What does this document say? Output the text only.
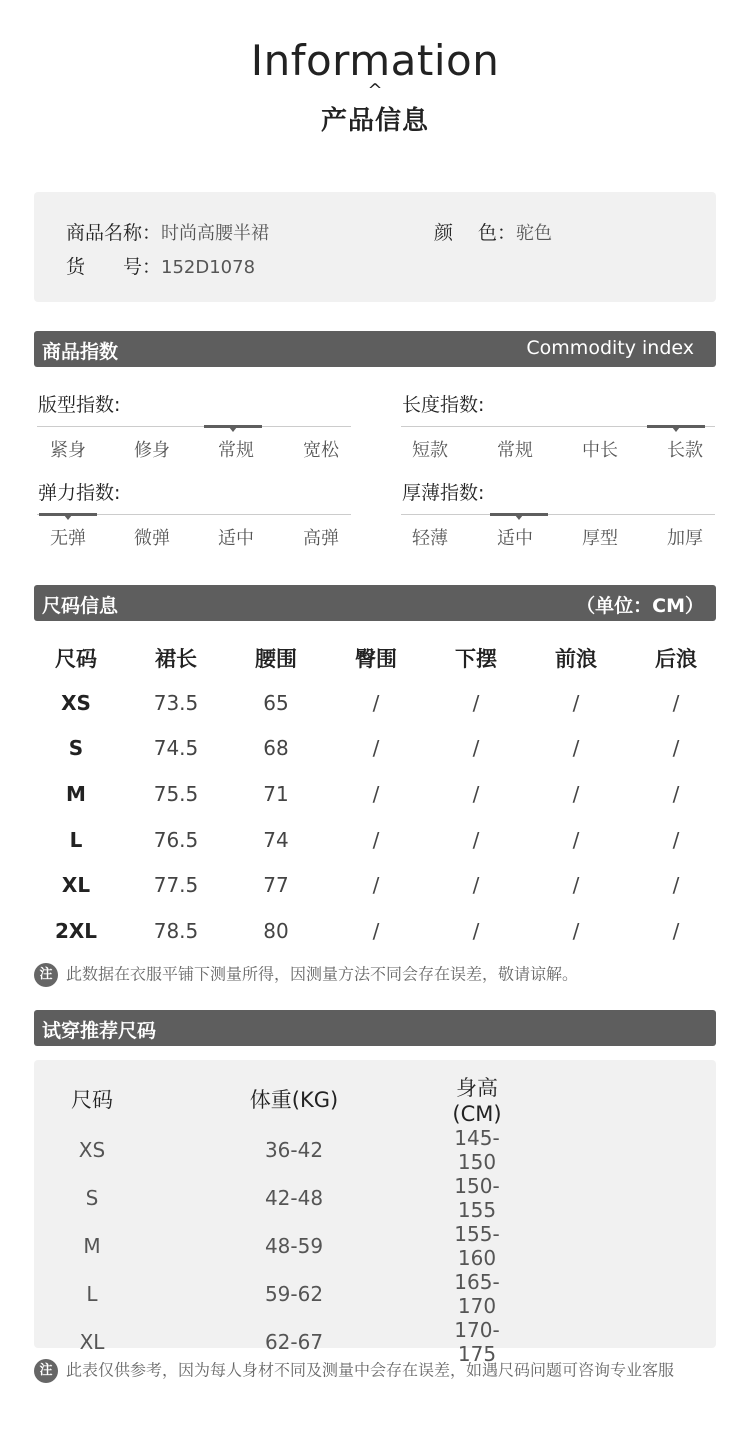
Information
^
产品信息
商品名称：时尚高腰半裙	颜　 色：驼色
货　　号：152D1078
商品指数	Commodity index
版型指数:
紧身	修身	常规	宽松
长度指数:
短款	常规	中长	长款
弹力指数:
无弹	微弹	适中	高弹
厚薄指数:
轻薄	适中	厚型	加厚
尺码信息	（单位：CM）
尺码	裙长	腰围	臀围	下摆	前浪	后浪
XS	73.5	65	/	/	/	/
S	74.5	68	/	/	/	/
M	75.5	71	/	/	/	/
L	76.5	74	/	/	/	/
XL	77.5	77	/	/	/	/
2XL	78.5	80	/	/	/	/
注 此数据在衣服平铺下测量所得，因测量方法不同会存在误差，敬请谅解。
试穿推荐尺码
尺码	体重(KG)	身高(CM)
XS	36-42	145-150
S	42-48	150-155
M	48-59	155-160
L	59-62	165-170
XL	62-67	170-175
注 此表仅供参考，因为每人身材不同及测量中会存在误差，如遇尺码问题可咨询专业客服
